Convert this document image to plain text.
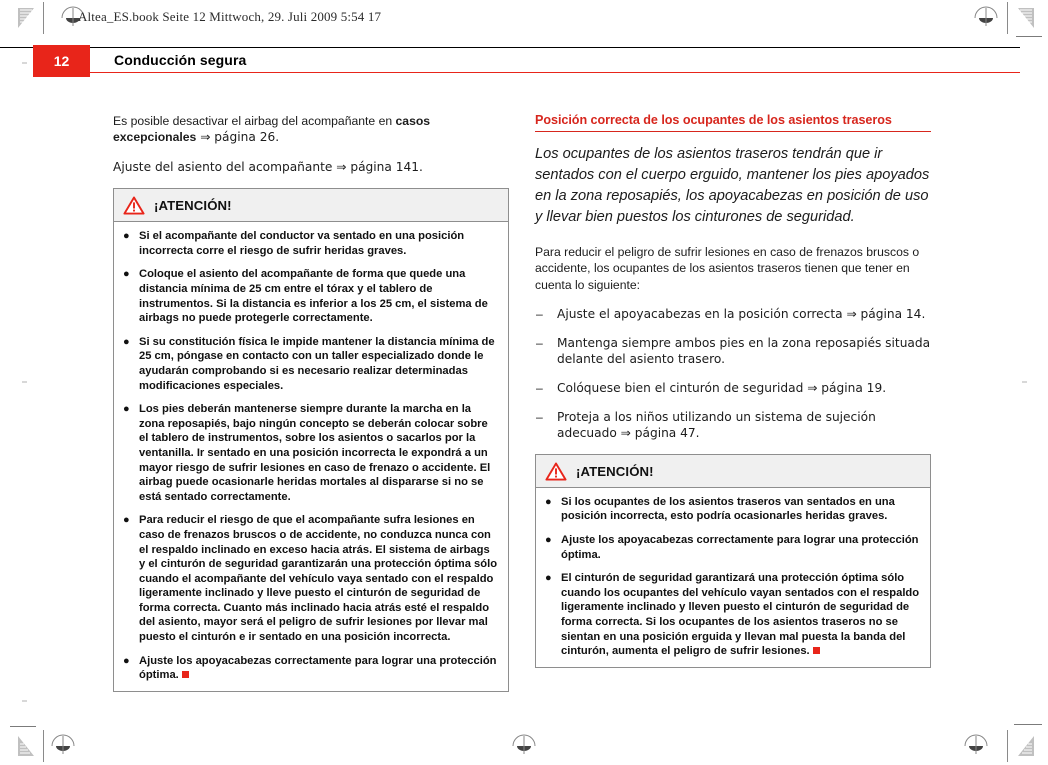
Altea_ES.book Seite 12 Mittwoch, 29. Juli 2009 5:54 17
12	Conducción segura

Es posible desactivar el airbag del acompañante en casos excepcionales ⇒ página 26.

Ajuste del asiento del acompañante ⇒ página 141.

¡ATENCIÓN!
● Si el acompañante del conductor va sentado en una posición incorrecta corre el riesgo de sufrir heridas graves.
● Coloque el asiento del acompañante de forma que quede una distancia mínima de 25 cm entre el tórax y el tablero de instrumentos. Si la distancia es inferior a los 25 cm, el sistema de airbags no puede protegerle correctamente.
● Si su constitución física le impide mantener la distancia mínima de 25 cm, póngase en contacto con un taller especializado donde le ayudarán comprobando si es necesario realizar determinadas modificaciones especiales.
● Los pies deberán mantenerse siempre durante la marcha en la zona reposapiés, bajo ningún concepto se deberán colocar sobre el tablero de instrumentos, sobre los asientos o sacarlos por la ventanilla. Ir sentado en una posición incorrecta le expondrá a un mayor riesgo de sufrir lesiones en caso de frenazo o accidente. El airbag puede ocasionarle heridas mortales al dispararse si no se está sentado correctamente.
● Para reducir el riesgo de que el acompañante sufra lesiones en caso de frenazos bruscos o de accidente, no conduzca nunca con el respaldo inclinado en exceso hacia atrás. El sistema de airbags y el cinturón de seguridad garantizarán una protección óptima sólo cuando el acompañante del vehículo vaya sentado con el respaldo ligeramente inclinado y lleve puesto el cinturón de seguridad de forma correcta. Cuanto más inclinado hacia atrás esté el respaldo del asiento, mayor será el peligro de sufrir lesiones por llevar mal puesto el cinturón e ir sentado en una posición incorrecta.
● Ajuste los apoyacabezas correctamente para lograr una protección óptima.
Posición correcta de los ocupantes de los asientos traseros

Los ocupantes de los asientos traseros tendrán que ir sentados con el cuerpo erguido, mantener los pies apoyados en la zona reposapiés, los apoyacabezas en posición de uso y llevar bien puestos los cinturones de seguridad.

Para reducir el peligro de sufrir lesiones en caso de frenazos bruscos o accidente, los ocupantes de los asientos traseros tienen que tener en cuenta lo siguiente:

– Ajuste el apoyacabezas en la posición correcta ⇒ página 14.
– Mantenga siempre ambos pies en la zona reposapiés situada delante del asiento trasero.
– Colóquese bien el cinturón de seguridad ⇒ página 19.
– Proteja a los niños utilizando un sistema de sujeción adecuado ⇒ página 47.
¡ATENCIÓN!
● Si los ocupantes de los asientos traseros van sentados en una posición incorrecta, esto podría ocasionarles heridas graves.
● Ajuste los apoyacabezas correctamente para lograr una protección óptima.
● El cinturón de seguridad garantizará una protección óptima sólo cuando los ocupantes del vehículo vayan sentados con el respaldo ligeramente inclinado y lleven puesto el cinturón de seguridad de forma correcta. Si los ocupantes de los asientos traseros no se sientan en una posición erguida y llevan mal puesta la banda del cinturón, aumenta el peligro de sufrir lesiones.
